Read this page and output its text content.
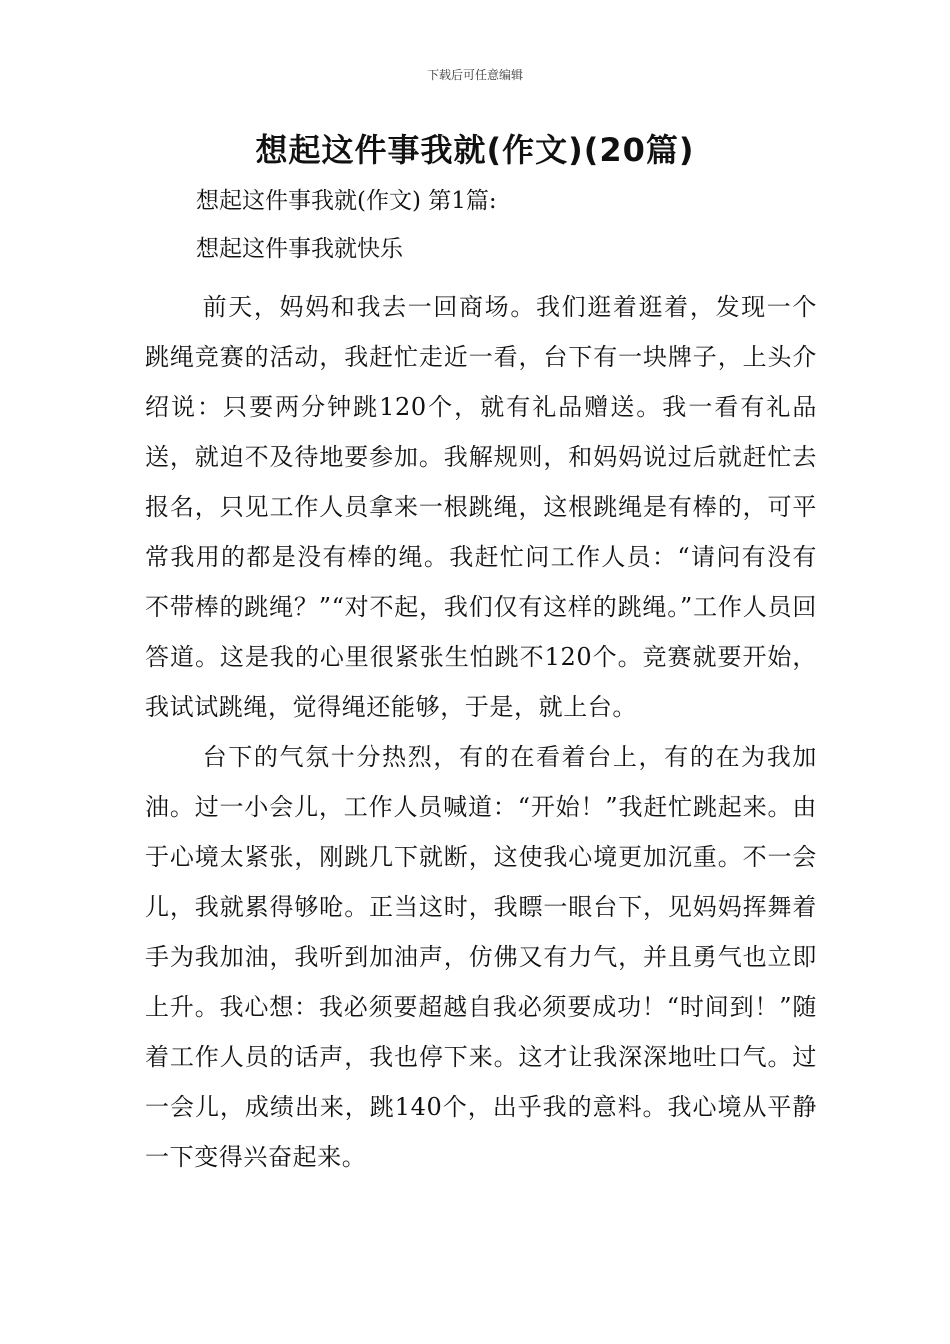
下载后可任意编辑
想起这件事我就(作文)(20篇)
想起这件事我就(作文) 第1篇:
想起这件事我就快乐

前天，妈妈和我去一回商场。我们逛着逛着，发现一个跳绳竞赛的活动，我赶忙走近一看，台下有一块牌子，上头介绍说：只要两分钟跳120个，就有礼品赠送。我一看有礼品送，就迫不及待地要参加。我解规则，和妈妈说过后就赶忙去报名，只见工作人员拿来一根跳绳，这根跳绳是有棒的，可平常我用的都是没有棒的绳。我赶忙问工作人员：“请问有没有不带棒的跳绳？”“对不起，我们仅有这样的跳绳。”工作人员回答道。这是我的心里很紧张生怕跳不120个。竞赛就要开始，我试试跳绳，觉得绳还能够，于是，就上台。

台下的气氛十分热烈，有的在看着台上，有的在为我加油。过一小会儿，工作人员喊道：“开始！”我赶忙跳起来。由于心境太紧张，刚跳几下就断，这使我心境更加沉重。不一会儿，我就累得够呛。正当这时，我瞟一眼台下，见妈妈挥舞着手为我加油，我听到加油声，仿佛又有力气，并且勇气也立即上升。我心想：我必须要超越自我必须要成功！“时间到！”随着工作人员的话声，我也停下来。这才让我深深地吐口气。过一会儿，成绩出来，跳140个，出乎我的意料。我心境从平静一下变得兴奋起来。
